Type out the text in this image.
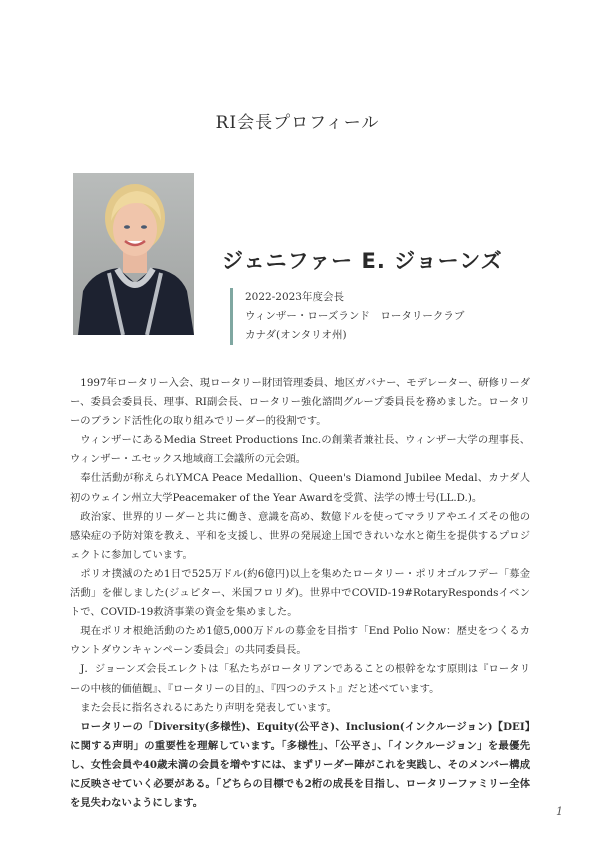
RI会長プロフィール
ジェニファー E. ジョーンズ
2022-2023年度会長
ウィンザー・ローズランド　ロータリークラブ
カナダ(オンタリオ州)

1997年ロータリー入会、現ロータリー財団管理委員、地区ガバナー、モデレーター、研修リーダー、委員会委員長、理事、RI副会長、ロータリー強化諮問グループ委員長を務めました。ロータリーのブランド活性化の取り組みでリーダー的役割です。

ウィンザーにあるMedia Street Productions Inc.の創業者兼社長、ウィンザー大学の理事長、ウィンザー・エセックス地域商工会議所の元会頭。

奉仕活動が称えられYMCA Peace Medallion、Queen's Diamond Jubilee Medal、カナダ人初のウェイン州立大学Peacemaker of the Year Awardを受賞、法学の博士号(LL.D.)。

政治家、世界的リーダーと共に働き、意識を高め、数億ドルを使ってマラリアやエイズその他の感染症の予防対策を教え、平和を支援し、世界の発展途上国できれいな水と衛生を提供するプロジェクトに参加しています。

ポリオ撲滅のため1日で525万ドル(約6億円)以上を集めたロータリー・ポリオゴルフデー「募金活動」を催しました(ジュピター、米国フロリダ)。世界中でCOVID-19#RotaryRespondsイベントで、COVID-19救済事業の資金を集めました。

現在ポリオ根絶活動のため1億5,000万ドルの募金を目指す「End Polio Now：歴史をつくるカウントダウンキャンペーン委員会」の共同委員長。

J．ジョーンズ会長エレクトは「私たちがロータリアンであることの根幹をなす原則は『ロータリーの中核的価値観』、『ロータリーの目的』、『四つのテスト』だと述べています。

また会長に指名されるにあたり声明を発表しています。

ロータリーの「Diversity(多様性)、Equity(公平さ)、Inclusion(インクルージョン)【DEI】に関する声明」の重要性を理解しています。「多様性」、「公平さ」、「インクルージョン」を最優先し、女性会員や40歳未満の会員を増やすには、まずリーダー陣がこれを実践し、そのメンバー構成に反映させていく必要がある。「どちらの目標でも2桁の成長を目指し、ロータリーファミリー全体を見失わないようにします。

1
